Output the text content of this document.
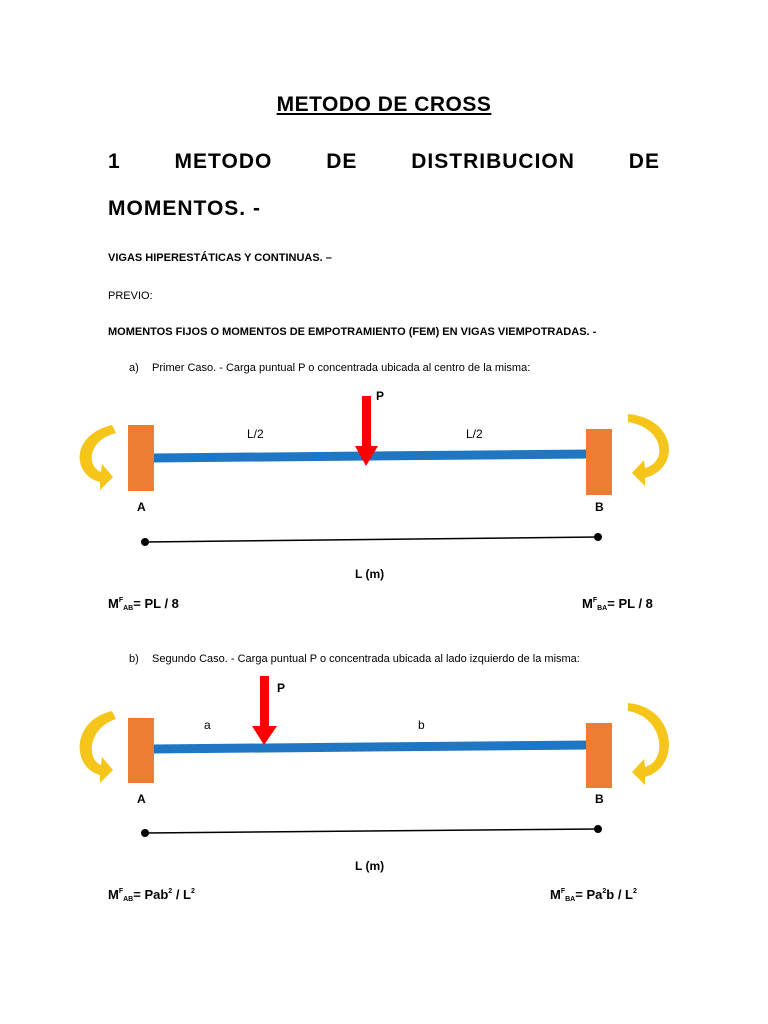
METODO DE CROSS
1	METODO	DE	DISTRIBUCION	DE
MOMENTOS. -
VIGAS HIPERESTÁTICAS Y CONTINUAS. –
PREVIO:
MOMENTOS FIJOS O MOMENTOS DE EMPOTRAMIENTO (FEM) EN VIGAS VIEMPOTRADAS. -
a) Primer Caso. - Carga puntual P o concentrada ubicada al centro de la misma:
P
L/2	L/2
A	B
L (m)
$M^F_{AB}=$ PL / 8	$M^F_{BA}=$ PL / 8
b) Segundo Caso. - Carga puntual P o concentrada ubicada al lado izquierdo de la misma:
P
a	b
A	B
L (m)
$M^F_{AB}= Pab^2 / L^2$	$M^F_{BA}= Pa^2b / L^2$
